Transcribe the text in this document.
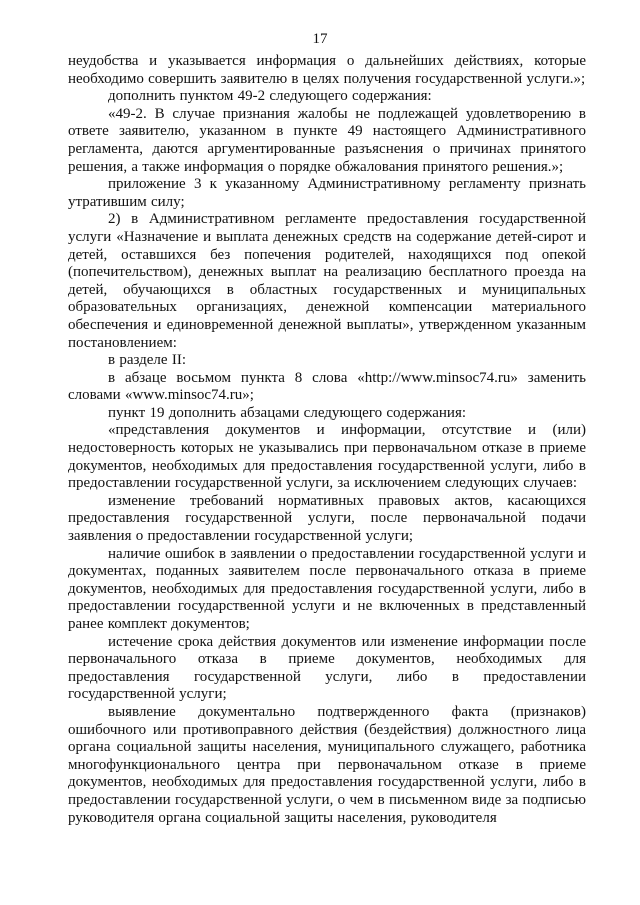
17

неудобства и указывается информация о дальнейших действиях, которые необходимо совершить заявителю в целях получения государственной услуги.»;

дополнить пунктом 49-2 следующего содержания:

«49-2. В случае признания жалобы не подлежащей удовлетворению в ответе заявителю, указанном в пункте 49 настоящего Административного регламента, даются аргументированные разъяснения о причинах принятого решения, а также информация о порядке обжалования принятого решения.»;

приложение 3 к указанному Административному регламенту признать утратившим силу;

2) в Административном регламенте предоставления государственной услуги «Назначение и выплата денежных средств на содержание детей-сирот и детей, оставшихся без попечения родителей, находящихся под опекой (попечительством), денежных выплат на реализацию бесплатного проезда на детей, обучающихся в областных государственных и муниципальных образовательных организациях, денежной компенсации материального обеспечения и единовременной денежной выплаты», утвержденном указанным постановлением:

в разделе II:

в абзаце восьмом пункта 8 слова «http://www.minsoc74.ru» заменить словами «www.minsoc74.ru»;

пункт 19 дополнить абзацами следующего содержания:

«представления документов и информации, отсутствие и (или) недостоверность которых не указывались при первоначальном отказе в приеме документов, необходимых для предоставления государственной услуги, либо в предоставлении государственной услуги, за исключением следующих случаев:

изменение требований нормативных правовых актов, касающихся предоставления государственной услуги, после первоначальной подачи заявления о предоставлении государственной услуги;

наличие ошибок в заявлении о предоставлении государственной услуги и документах, поданных заявителем после первоначального отказа в приеме документов, необходимых для предоставления государственной услуги, либо в предоставлении государственной услуги и не включенных в представленный ранее комплект документов;

истечение срока действия документов или изменение информации после первоначального отказа в приеме документов, необходимых для предоставления государственной услуги, либо в предоставлении государственной услуги;

выявление документально подтвержденного факта (признаков) ошибочного или противоправного действия (бездействия) должностного лица органа социальной защиты населения, муниципального служащего, работника многофункционального центра при первоначальном отказе в приеме документов, необходимых для предоставления государственной услуги, либо в предоставлении государственной услуги, о чем в письменном виде за подписью руководителя органа социальной защиты населения, руководителя
